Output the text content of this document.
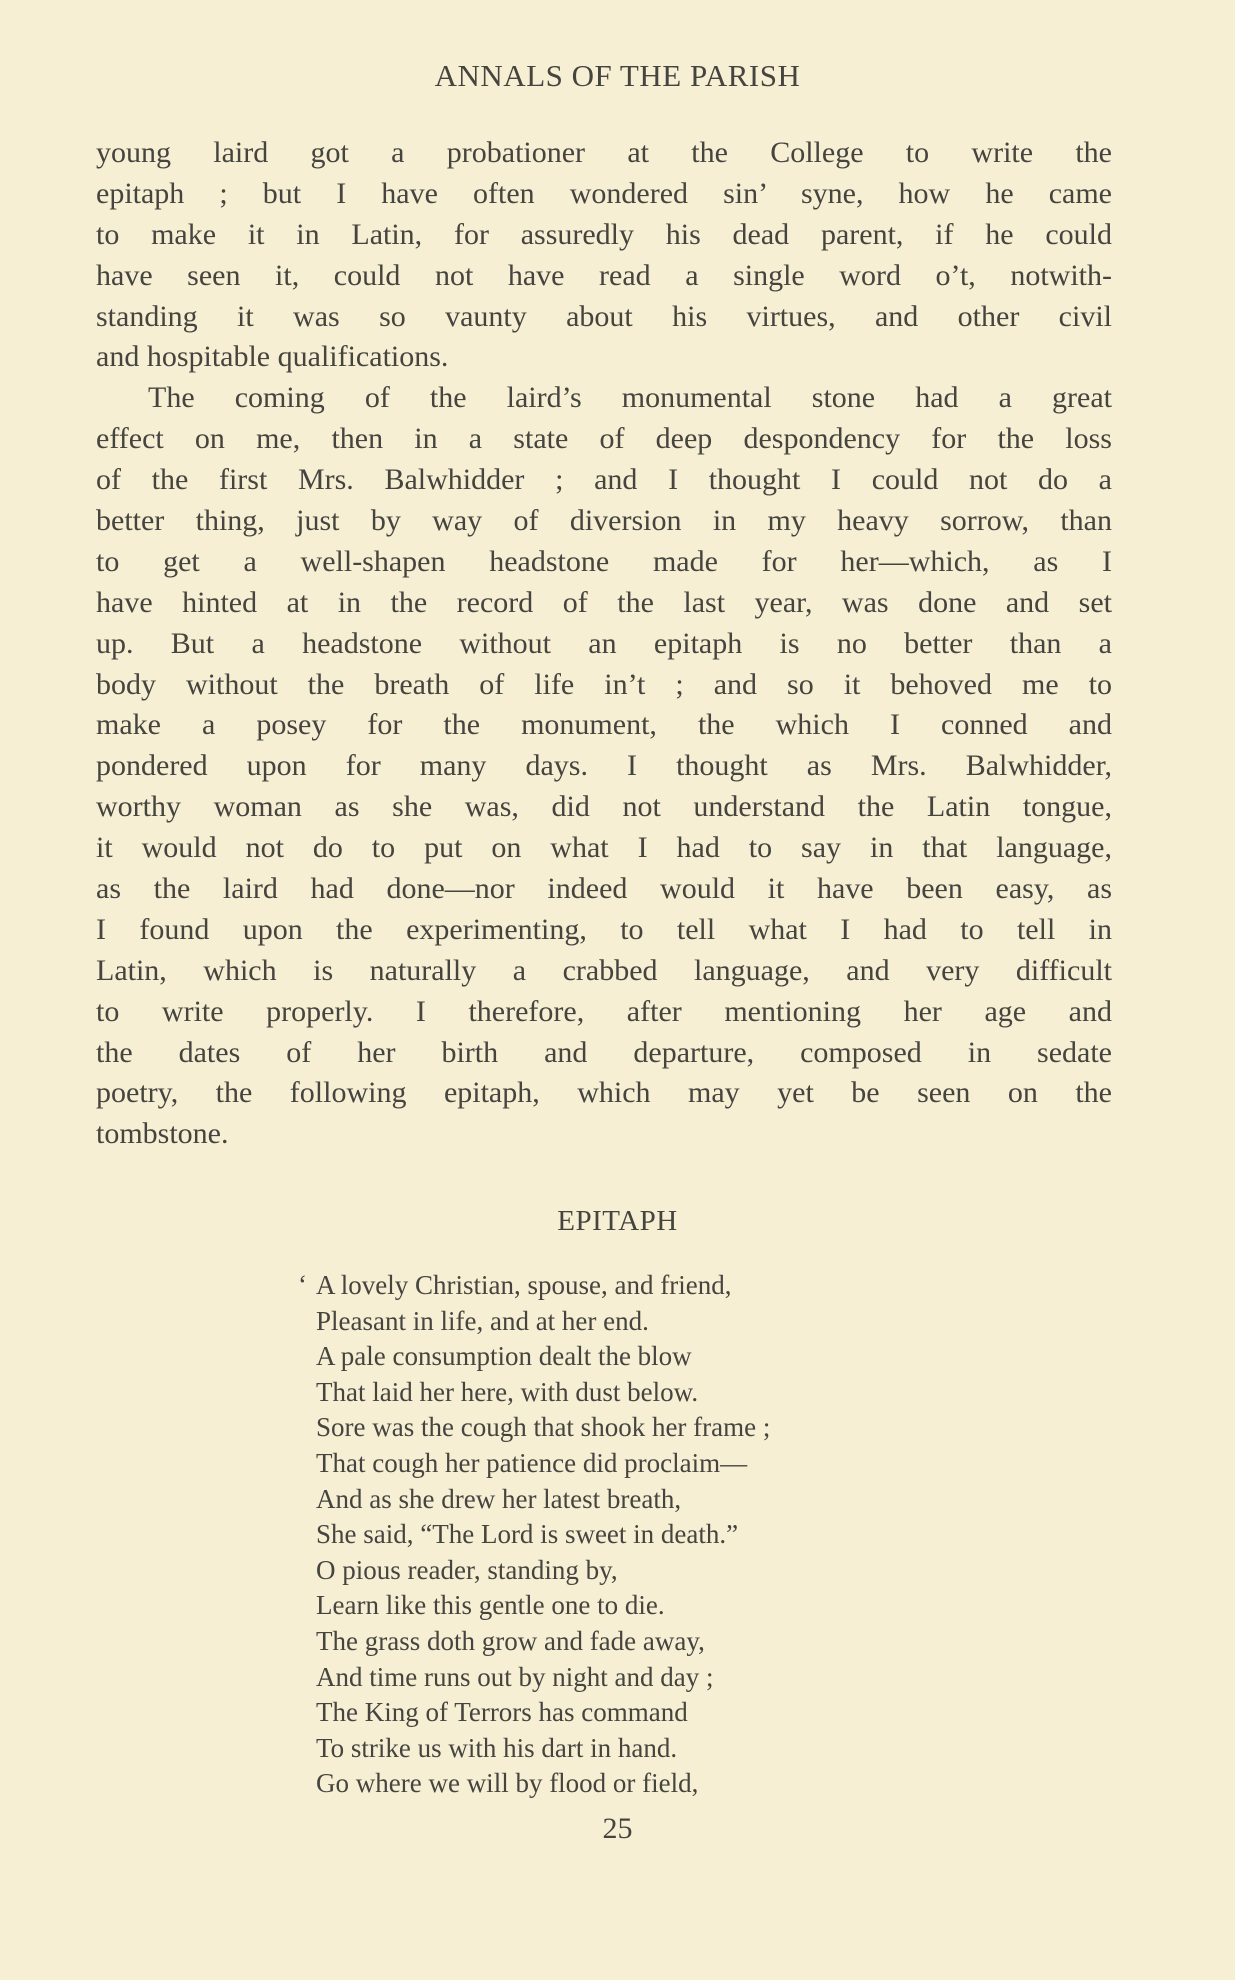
ANNALS OF THE PARISH
young laird got a probationer at the College to write the
epitaph ; but I have often wondered sin’ syne, how he came
to make it in Latin, for assuredly his dead parent, if he could
have seen it, could not have read a single word o’t, notwith-
standing it was so vaunty about his virtues, and other civil
and hospitable qualifications.
The coming of the laird’s monumental stone had a great
effect on me, then in a state of deep despondency for the loss
of the first Mrs. Balwhidder ; and I thought I could not do a
better thing, just by way of diversion in my heavy sorrow, than
to get a well-shapen headstone made for her—which, as I
have hinted at in the record of the last year, was done and set
up. But a headstone without an epitaph is no better than a
body without the breath of life in’t ; and so it behoved me to
make a posey for the monument, the which I conned and
pondered upon for many days. I thought as Mrs. Balwhidder,
worthy woman as she was, did not understand the Latin tongue,
it would not do to put on what I had to say in that language,
as the laird had done—nor indeed would it have been easy, as
I found upon the experimenting, to tell what I had to tell in
Latin, which is naturally a crabbed language, and very difficult
to write properly. I therefore, after mentioning her age and
the dates of her birth and departure, composed in sedate
poetry, the following epitaph, which may yet be seen on the
tombstone.
EPITAPH
‘ A lovely Christian, spouse, and friend,
Pleasant in life, and at her end.
A pale consumption dealt the blow
That laid her here, with dust below.
Sore was the cough that shook her frame ;
That cough her patience did proclaim—
And as she drew her latest breath,
She said, “The Lord is sweet in death.”
O pious reader, standing by,
Learn like this gentle one to die.
The grass doth grow and fade away,
And time runs out by night and day ;
The King of Terrors has command
To strike us with his dart in hand.
Go where we will by flood or field,
25
